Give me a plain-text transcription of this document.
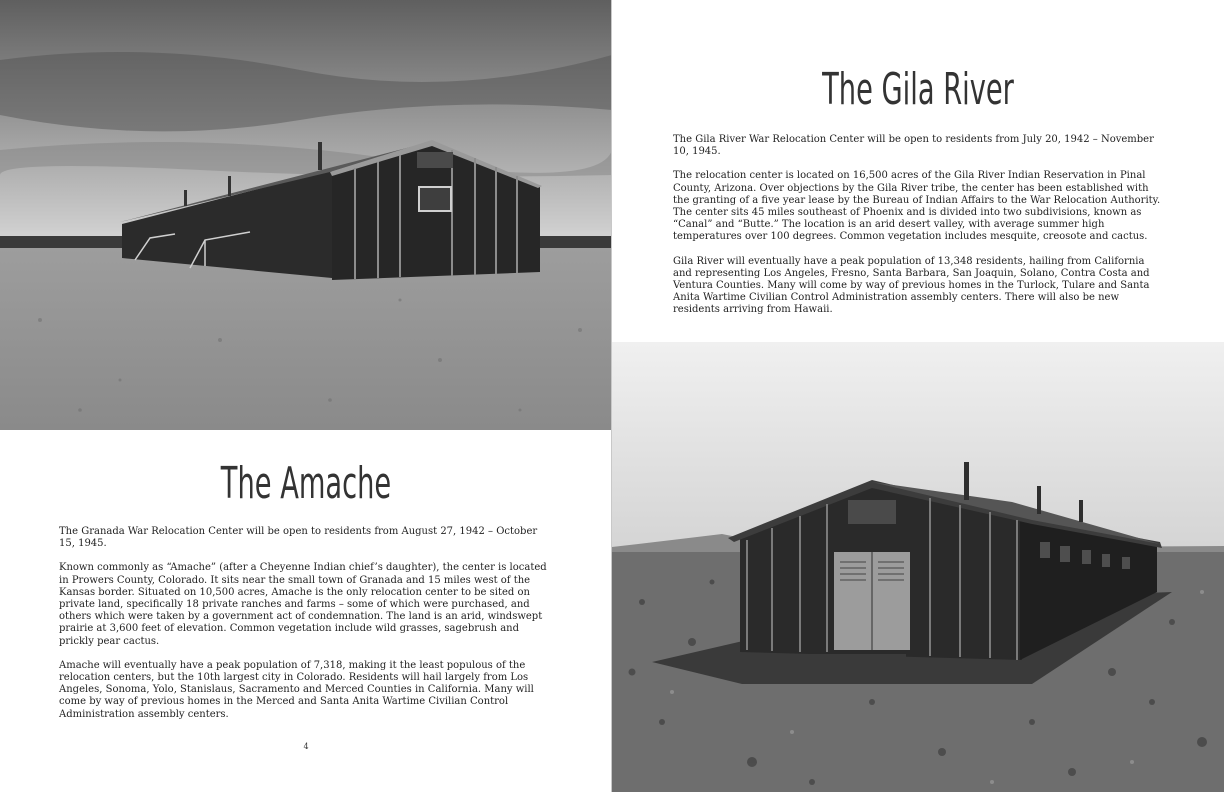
The Gila River

The Gila River War Relocation Center will be open to residents from July 20, 1942 – November 10, 1945.

The relocation center is located on 16,500 acres of the Gila River Indian Reservation in Pinal County, Arizona. Over objections by the Gila River tribe, the center has been established with the granting of a five year lease by the Bureau of Indian Affairs to the War Relocation Authority. The center sits 45 miles southeast of Phoenix and is divided into two subdivisions, known as “Canal” and “Butte.” The location is an arid desert valley, with average summer high temperatures over 100 degrees. Common vegetation includes mesquite, creosote and cactus.

Gila River will eventually have a peak population of 13,348 residents, hailing from California and representing Los Angeles, Fresno, Santa Barbara, San Joaquin, Solano, Contra Costa and Ventura Counties. Many will come by way of previous homes in the Turlock, Tulare and Santa Anita Wartime Civilian Control Administration assembly centers. There will also be new residents arriving from Hawaii.

The Amache

The Granada War Relocation Center will be open to residents from August 27, 1942 – October 15, 1945.

Known commonly as “Amache” (after a Cheyenne Indian chief’s daughter), the center is located in Prowers County, Colorado. It sits near the small town of Granada and 15 miles west of the Kansas border. Situated on 10,500 acres, Amache is the only relocation center to be sited on private land, specifically 18 private ranches and farms – some of which were purchased, and others which were taken by a government act of condemnation. The land is an arid, windswept prairie at 3,600 feet of elevation. Common vegetation include wild grasses, sagebrush and prickly pear cactus.

Amache will eventually have a peak population of 7,318, making it the least populous of the relocation centers, but the 10th largest city in Colorado. Residents will hail largely from Los Angeles, Sonoma, Yolo, Stanislaus, Sacramento and Merced Counties in California. Many will come by way of previous homes in the Merced and Santa Anita Wartime Civilian Control Administration assembly centers.

4
